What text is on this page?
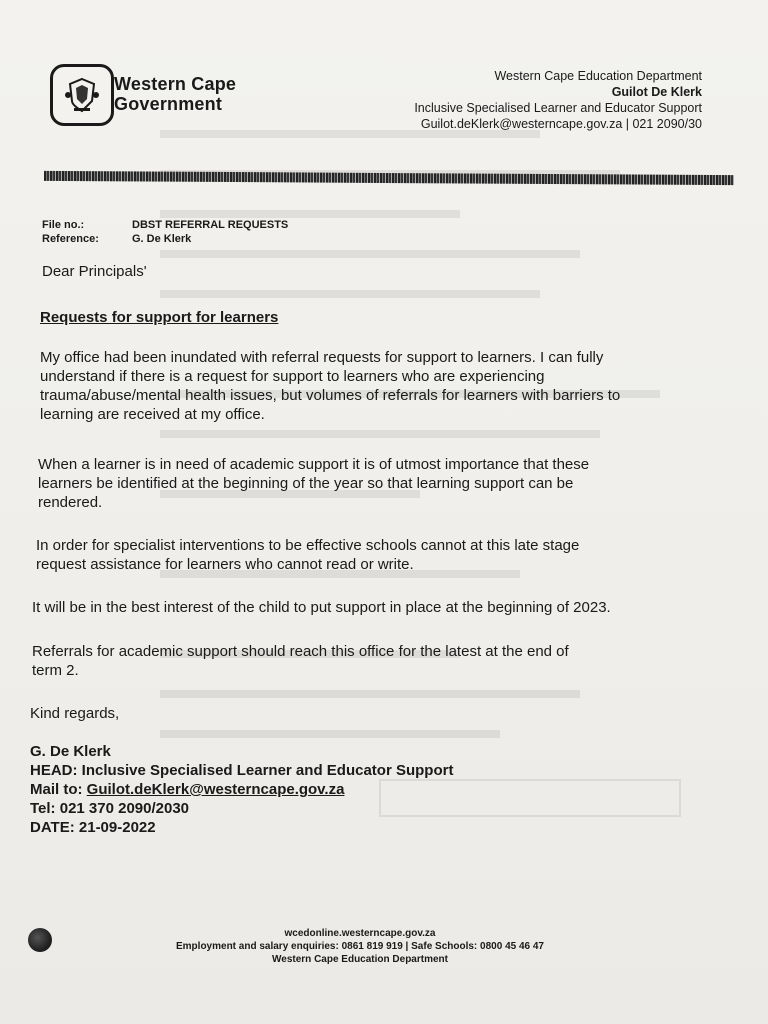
Western Cape
Government
Western Cape Education Department
Guilot De Klerk
Inclusive Specialised Learner and Educator Support
Guilot.deKlerk@westerncape.gov.za | 021 2090/30
File no.:	DBST REFERRAL REQUESTS
Reference:	G. De Klerk
Dear Principals'
Requests for support for learners
My office had been inundated with referral requests for support to learners. I can fully
understand if there is a request for support to learners who are experiencing
trauma/abuse/mental health issues, but volumes of referrals for learners with barriers to
learning are received at my office.
When a learner is in need of academic support it is of utmost importance that these
learners be identified at the beginning of the year so that learning support can be
rendered.
In order for specialist interventions to be effective schools cannot at this late stage
request assistance for learners who cannot read or write.
It will be in the best interest of the child to put support in place at the beginning of 2023.
Referrals for academic support should reach this office for the latest at the end of
term 2.
Kind regards,
G. De Klerk
HEAD: Inclusive Specialised Learner and Educator Support
Mail to: Guilot.deKlerk@westerncape.gov.za
Tel: 021 370 2090/2030
DATE: 21-09-2022
wcedonline.westerncape.gov.za
Employment and salary enquiries: 0861 819 919 | Safe Schools: 0800 45 46 47
Western Cape Education Department
